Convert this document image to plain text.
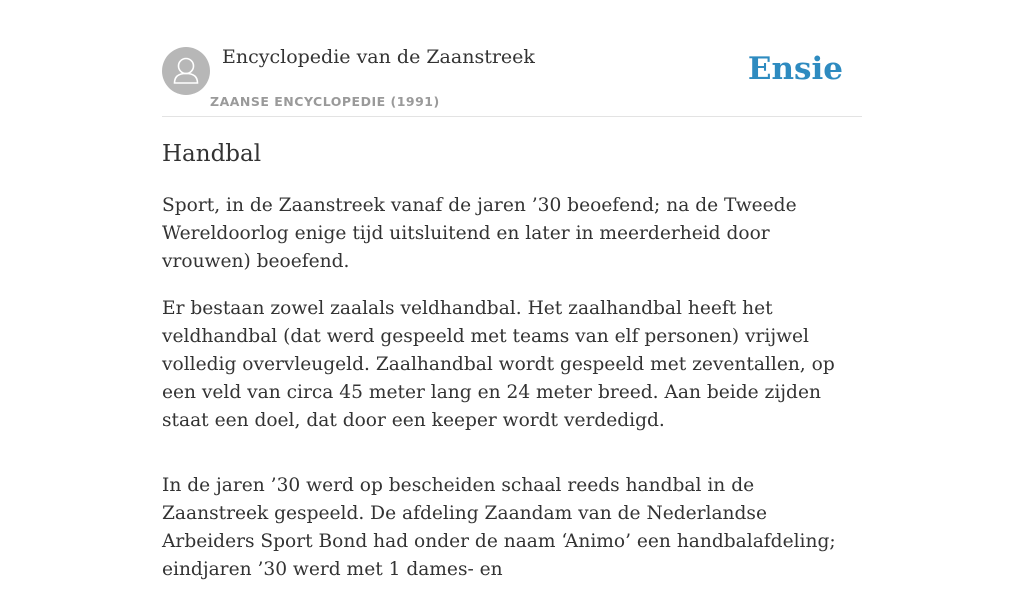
Encyclopedie van de Zaanstreek
ZAANSE ENCYCLOPEDIE (1991)
Ensie
Handbal

Sport, in de Zaanstreek vanaf de jaren ’30 beoefend; na de Tweede Wereldoorlog enige tijd uitsluitend en later in meerderheid door vrouwen) beoefend.

Er bestaan zowel zaalals veldhandbal. Het zaalhandbal heeft het veldhandbal (dat werd gespeeld met teams van elf personen) vrijwel volledig overvleugeld. Zaalhandbal wordt gespeeld met zeventallen, op een veld van circa 45 meter lang en 24 meter breed. Aan beide zijden staat een doel, dat door een keeper wordt verdedigd.

In de jaren ’30 werd op bescheiden schaal reeds handbal in de Zaanstreek gespeeld. De afdeling Zaandam van de Nederlandse Arbeiders Sport Bond had onder de naam ‘Animo’ een handbalafdeling; eindjaren ’30 werd met 1 dames- en
